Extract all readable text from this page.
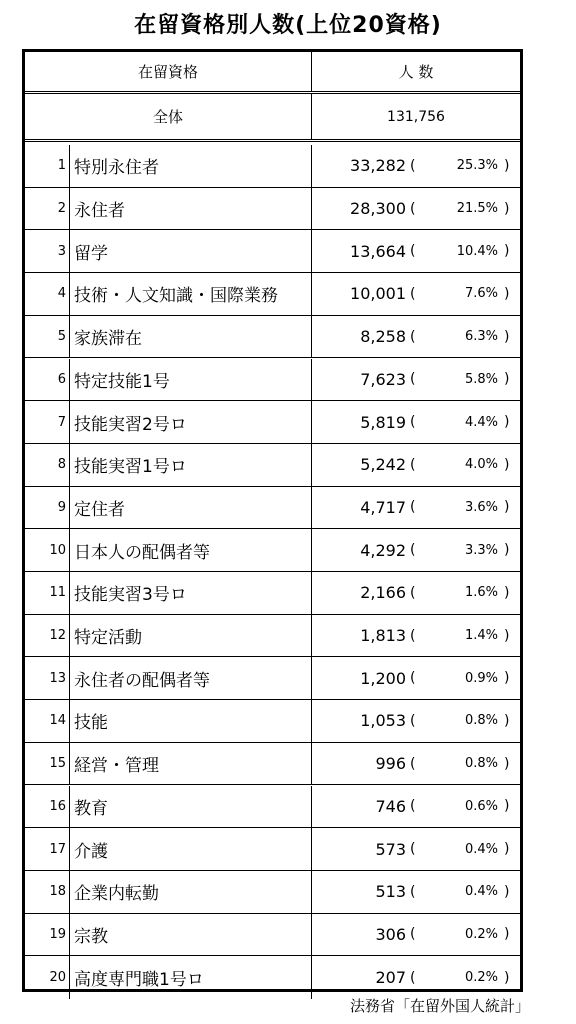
在留資格別人数(上位20資格)
在留資格	人 数
全体	131,756
1 特別永住者	33,282 (	25.3% )
2 永住者	28,300 (	21.5% )
3 留学	13,664 (	10.4% )
4 技術・人文知識・国際業務	10,001 (	7.6% )
5 家族滞在	8,258 (	6.3% )
6 特定技能1号	7,623 (	5.8% )
7 技能実習2号ロ	5,819 (	4.4% )
8 技能実習1号ロ	5,242 (	4.0% )
9 定住者	4,717 (	3.6% )
10 日本人の配偶者等	4,292 (	3.3% )
11 技能実習3号ロ	2,166 (	1.6% )
12 特定活動	1,813 (	1.4% )
13 永住者の配偶者等	1,200 (	0.9% )
14 技能	1,053 (	0.8% )
15 経営・管理	996 (	0.8% )
16 教育	746 (	0.6% )
17 介護	573 (	0.4% )
18 企業内転勤	513 (	0.4% )
19 宗教	306 (	0.2% )
20 高度専門職1号ロ	207 (	0.2% )
法務省「在留外国人統計」
